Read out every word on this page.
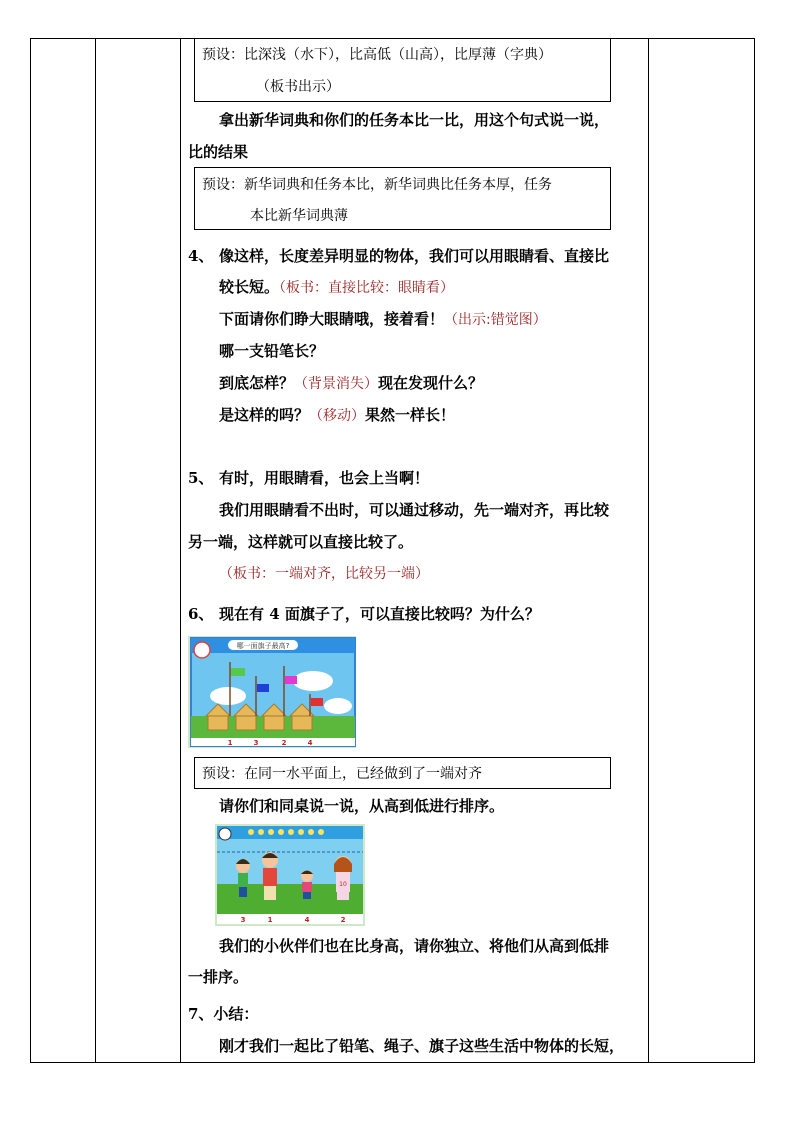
预设：比深浅（水下），比高低（山高），比厚薄（字典）
（板书出示）
拿出新华词典和你们的任务本比一比，用这个句式说一说，
比的结果
预设：新华词典和任务本比，新华词典比任务本厚，任务
本比新华词典薄
4、 像这样，长度差异明显的物体，我们可以用眼睛看、直接比
较长短。（板书：直接比较：眼睛看）
下面请你们睁大眼睛哦，接着看！（出示:错觉图）
哪一支铅笔长？
到底怎样？（背景消失）现在发现什么？
是这样的吗？（移动）果然一样长！
5、 有时，用眼睛看，也会上当啊！
我们用眼睛看不出时，可以通过移动，先一端对齐，再比较
另一端，这样就可以直接比较了。
（板书：一端对齐，比较另一端）
6、 现在有 4 面旗子了，可以直接比较吗？为什么？
哪一面旗子最高?
1	3	2	4
预设：在同一水平面上，已经做到了一端对齐
请你们和同桌说一说，从高到低进行排序。
10
3	1	4	2
我们的小伙伴们也在比身高，请你独立、将他们从高到低排
一排序。
7、小结：
刚才我们一起比了铅笔、绳子、旗子这些生活中物体的长短，
